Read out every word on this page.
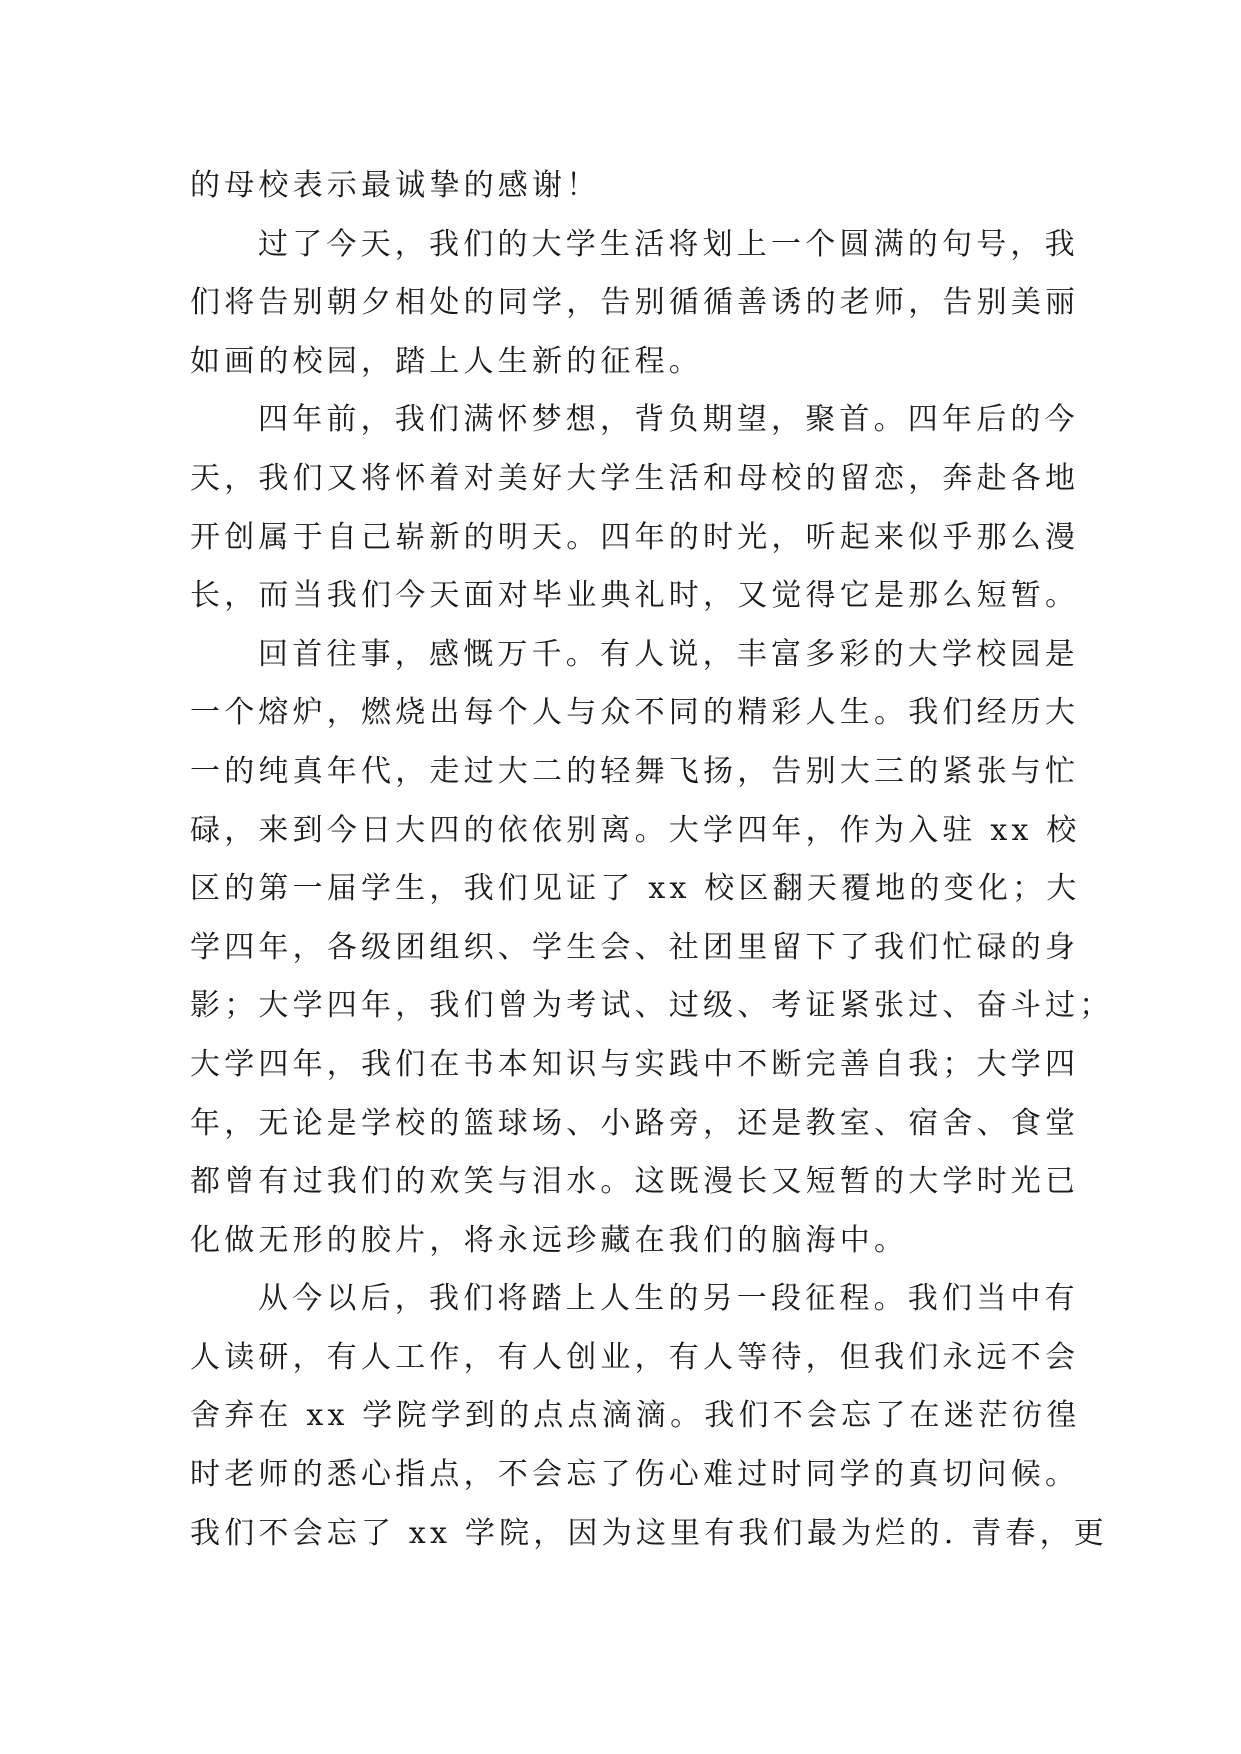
的母校表示最诚挚的感谢！
过了今天，我们的大学生活将划上一个圆满的句号，我
们将告别朝夕相处的同学，告别循循善诱的老师，告别美丽
如画的校园，踏上人生新的征程。
四年前，我们满怀梦想，背负期望，聚首。四年后的今
天，我们又将怀着对美好大学生活和母校的留恋，奔赴各地
开创属于自己崭新的明天。四年的时光，听起来似乎那么漫
长，而当我们今天面对毕业典礼时，又觉得它是那么短暂。
回首往事，感慨万千。有人说，丰富多彩的大学校园是
一个熔炉，燃烧出每个人与众不同的精彩人生。我们经历大
一的纯真年代，走过大二的轻舞飞扬，告别大三的紧张与忙
碌，来到今日大四的依依别离。大学四年，作为入驻 xx 校
区的第一届学生，我们见证了 xx 校区翻天覆地的变化；大
学四年，各级团组织、学生会、社团里留下了我们忙碌的身
影；大学四年，我们曾为考试、过级、考证紧张过、奋斗过；
大学四年，我们在书本知识与实践中不断完善自我；大学四
年，无论是学校的篮球场、小路旁，还是教室、宿舍、食堂
都曾有过我们的欢笑与泪水。这既漫长又短暂的大学时光已
化做无形的胶片，将永远珍藏在我们的脑海中。
从今以后，我们将踏上人生的另一段征程。我们当中有
人读研，有人工作，有人创业，有人等待，但我们永远不会
舍弃在 xx 学院学到的点点滴滴。我们不会忘了在迷茫彷徨
时老师的悉心指点，不会忘了伤心难过时同学的真切问候。
我们不会忘了 xx 学院，因为这里有我们最为烂的. 青春，更
